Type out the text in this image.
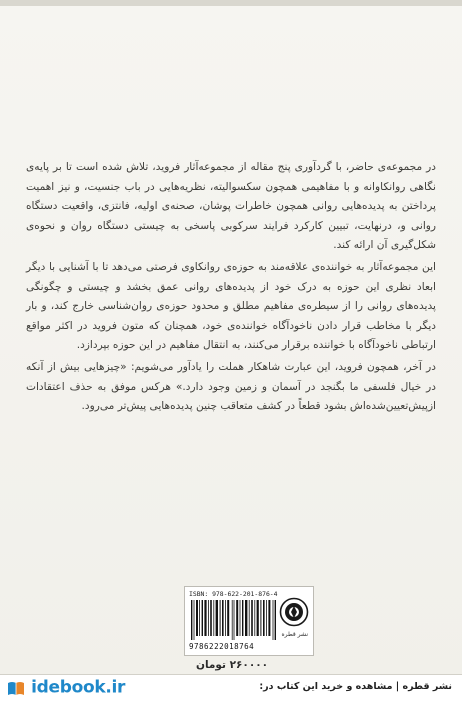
در مجموعه‌ی حاضر، با گردآوری پنج مقاله از مجموعه‌آثار فروید، تلاش شده است تا بر پایه‌ی نگاهی روانکاوانه و با مفاهیمی همچون سکسوالیته، نظریه‌هایی در باب جنسیت، و نیز اهمیت پرداختن به پدیده‌هایی روانی همچون خاطرات پوشان، صحنه‌ی اولیه، فانتزی، واقعیت دستگاه روانی و، درنهایت، تبیین کارکرد فرایند سرکوبی پاسخی به چیستی دستگاه روان و نحوه‌ی شکل‌گیری آن ارائه کند.

این مجموعه‌آثار به خواننده‌ی علاقه‌مند به حوزه‌ی روانکاوی فرصتی می‌دهد تا با آشنایی با دیگر ابعاد نظری این حوزه به درک خود از پدیده‌های روانی عمق بخشد و چیستی و چگونگی پدیده‌های روانی را از سیطره‌ی مفاهیم مطلق و محدود حوزه‌ی روان‌شناسی خارج کند، و بار دیگر با مخاطب قرار دادن ناخودآگاه خواننده‌ی خود، همچنان که متون فروید در اکثر مواقع ارتباطی ناخودآگاه با خواننده برقرار می‌کنند، به انتقال مفاهیم در این حوزه بپردازد.

در آخر، همچون فروید، این عبارت شاهکار هملت را یادآور می‌شویم: «چیزهایی بیش از آنکه در خیال فلسفی ما بگنجد در آسمان و زمین وجود دارد.» هرکس موفق به حذف اعتقادات ازپیش‌تعیین‌شده‌اش بشود قطعاً در کشف متعاقب چنین پدیده‌هایی پیش‌تر می‌رود.

ISBN: 978-622-201-876-4
9786222018764
نشر قطره
۲۶۰۰۰۰ تومان
نشر قطره | مشاهده و خرید این کتاب در:
idebook.ir
